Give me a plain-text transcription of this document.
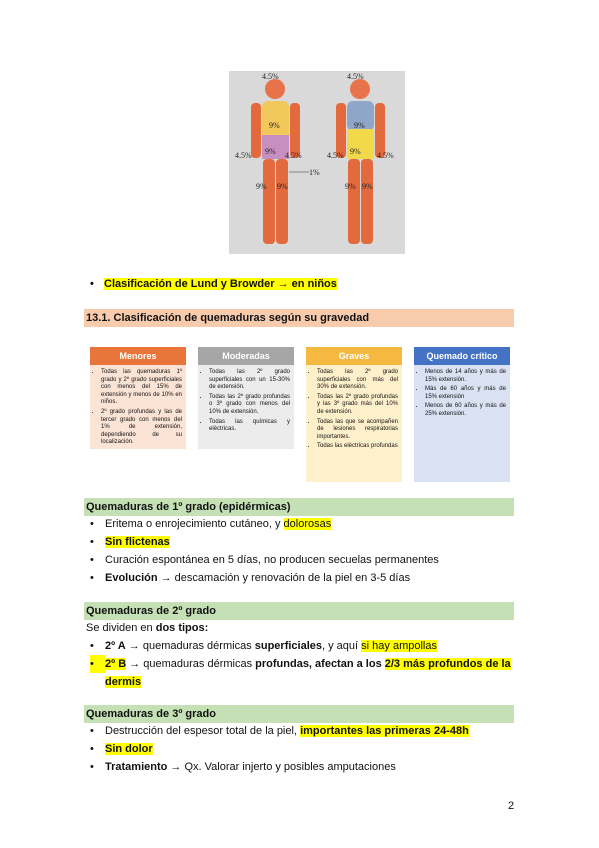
4.5%
9%
9%
4.5%	4.5%
9% 9%
1%
4.5%
9%
9%
4.5%	4.5%
9% 9%
• Clasificación de Lund y Browder → en niños
13.1. Clasificación de quemaduras según su gravedad
Menores
• Todas las quemaduras 1º grado y 2º grado superficiales con menos del 15% de extensión y menos de 10% en niños.
• 2º grado profundas y las de tercer grado con menos del 1% de extensión, dependiendo de su localización.
Moderadas
• Todas las 2º grado superficiales con un 15-30% de extensión.
• Todas las 2º grado profundas o 3º grado con menos del 10% de extensión.
• Todas las químicas y eléctricas.
Graves
• Todas las 2º grado superficiales con más del 30% de extensión.
• Todas las 2º grado profundas y las 3º grado más del 10% de extensión.
• Todas las que se acompañen de lesiones respiratorias importantes.
• Todas las eléctricas profundas
Quemado crítico
• Menos de 14 años y más de 15% extensión.
• Más de 60 años y más de 15% extensión
• Menos de 60 años y más de 25% extensión.
Quemaduras de 1º grado (epidérmicas)
• Eritema o enrojecimiento cutáneo, y dolorosas
• Sin flictenas
• Curación espontánea en 5 días, no producen secuelas permanentes
• Evolución → descamación y renovación de la piel en 3-5 días
Quemaduras de 2º grado
Se dividen en dos tipos:
• 2º A → quemaduras dérmicas superficiales, y aquí si hay ampollas
• 2º B → quemaduras dérmicas profundas, afectan a los 2/3 más profundos de la
dermis
Quemaduras de 3º grado
• Destrucción del espesor total de la piel, importantes las primeras 24-48h
• Sin dolor
• Tratamiento → Qx. Valorar injerto y posibles amputaciones
2
